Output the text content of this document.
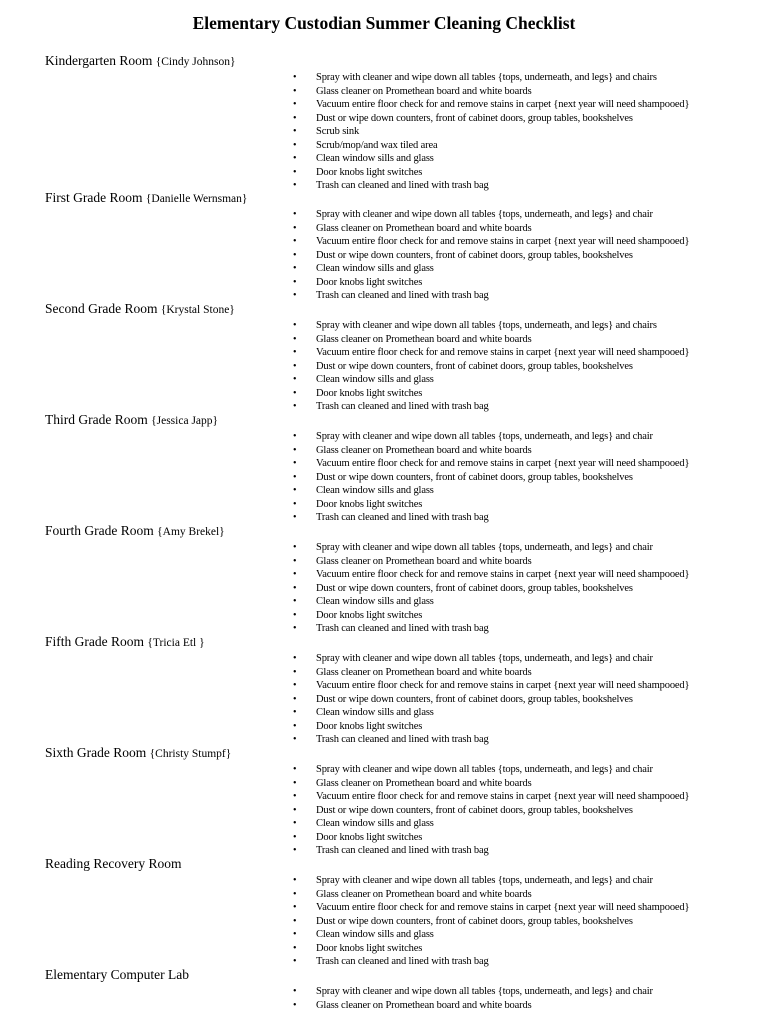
Elementary Custodian Summer Cleaning Checklist
Kindergarten Room {Cindy Johnson}
• Spray with cleaner and wipe down all tables {tops, underneath, and legs} and chairs
• Glass cleaner on Promethean board and white boards
• Vacuum entire floor check for and remove stains in carpet {next year will need shampooed}
• Dust or wipe down counters, front of cabinet doors, group tables, bookshelves
• Scrub sink
• Scrub/mop/and wax tiled area
• Clean window sills and glass
• Door knobs light switches
• Trash can cleaned and lined with trash bag
First Grade Room {Danielle Wernsman}
• Spray with cleaner and wipe down all tables {tops, underneath, and legs} and chair
• Glass cleaner on Promethean board and white boards
• Vacuum entire floor check for and remove stains in carpet {next year will need shampooed}
• Dust or wipe down counters, front of cabinet doors, group tables, bookshelves
• Clean window sills and glass
• Door knobs light switches
• Trash can cleaned and lined with trash bag
Second Grade Room {Krystal Stone}
• Spray with cleaner and wipe down all tables {tops, underneath, and legs} and chairs
• Glass cleaner on Promethean board and white boards
• Vacuum entire floor check for and remove stains in carpet {next year will need shampooed}
• Dust or wipe down counters, front of cabinet doors, group tables, bookshelves
• Clean window sills and glass
• Door knobs light switches
• Trash can cleaned and lined with trash bag
Third Grade Room {Jessica Japp}
• Spray with cleaner and wipe down all tables {tops, underneath, and legs} and chair
• Glass cleaner on Promethean board and white boards
• Vacuum entire floor check for and remove stains in carpet {next year will need shampooed}
• Dust or wipe down counters, front of cabinet doors, group tables, bookshelves
• Clean window sills and glass
• Door knobs light switches
• Trash can cleaned and lined with trash bag
Fourth Grade Room {Amy Brekel}
• Spray with cleaner and wipe down all tables {tops, underneath, and legs} and chair
• Glass cleaner on Promethean board and white boards
• Vacuum entire floor check for and remove stains in carpet {next year will need shampooed}
• Dust or wipe down counters, front of cabinet doors, group tables, bookshelves
• Clean window sills and glass
• Door knobs light switches
• Trash can cleaned and lined with trash bag
Fifth Grade Room {Tricia Etl }
• Spray with cleaner and wipe down all tables {tops, underneath, and legs} and chair
• Glass cleaner on Promethean board and white boards
• Vacuum entire floor check for and remove stains in carpet {next year will need shampooed}
• Dust or wipe down counters, front of cabinet doors, group tables, bookshelves
• Clean window sills and glass
• Door knobs light switches
• Trash can cleaned and lined with trash bag
Sixth Grade Room {Christy Stumpf}
• Spray with cleaner and wipe down all tables {tops, underneath, and legs} and chair
• Glass cleaner on Promethean board and white boards
• Vacuum entire floor check for and remove stains in carpet {next year will need shampooed}
• Dust or wipe down counters, front of cabinet doors, group tables, bookshelves
• Clean window sills and glass
• Door knobs light switches
• Trash can cleaned and lined with trash bag
Reading Recovery Room
• Spray with cleaner and wipe down all tables {tops, underneath, and legs} and chair
• Glass cleaner on Promethean board and white boards
• Vacuum entire floor check for and remove stains in carpet {next year will need shampooed}
• Dust or wipe down counters, front of cabinet doors, group tables, bookshelves
• Clean window sills and glass
• Door knobs light switches
• Trash can cleaned and lined with trash bag
Elementary Computer Lab
• Spray with cleaner and wipe down all tables {tops, underneath, and legs} and chair
• Glass cleaner on Promethean board and white boards
